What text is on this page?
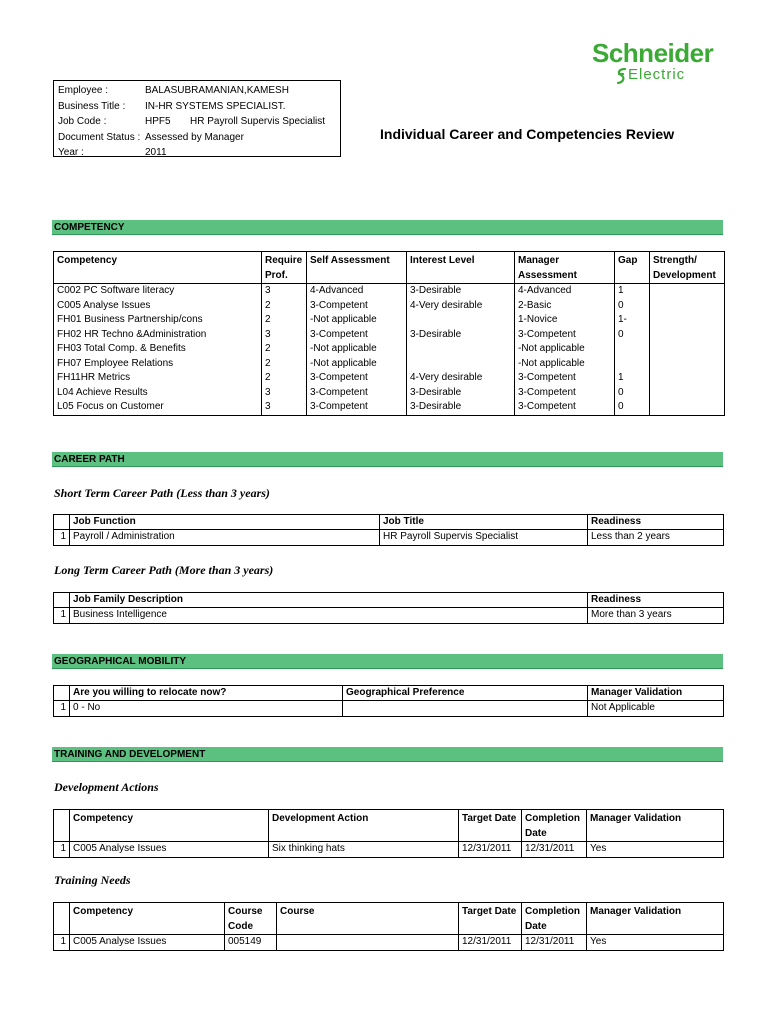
Employee :	BALASUBRAMANIAN,KAMESH
Business Title : IN-HR SYSTEMS SPECIALIST.
Job Code :	HPF5 HR Payroll Supervis Specialist
Document Status : Assessed by Manager
Year :	2011
Schneider
Electric
Individual Career and Competencies Review
COMPETENCY
Competency	Require Prof.	Self Assessment	Interest Level	Manager Assessment	Gap	Strength/ Development
C002 PC Software literacy	3	4-Advanced	3-Desirable	4-Advanced	1	
C005 Analyse Issues	2	3-Competent	4-Very desirable	2-Basic	0	
FH01 Business Partnership/cons	2	-Not applicable		1-Novice	1-	
FH02 HR Techno &Administration	3	3-Competent	3-Desirable	3-Competent	0	
FH03 Total Comp. & Benefits	2	-Not applicable		-Not applicable		
FH07 Employee Relations	2	-Not applicable		-Not applicable		
FH11HR Metrics	2	3-Competent	4-Very desirable	3-Competent	1	
L04 Achieve Results	3	3-Competent	3-Desirable	3-Competent	0	
L05 Focus on Customer	3	3-Competent	3-Desirable	3-Competent	0	
CAREER PATH
Short Term Career Path (Less than 3 years)
	Job Function	Job Title	Readiness
1	Payroll / Administration	HR Payroll Supervis Specialist	Less than 2 years
Long Term Career Path (More than 3 years)
	Job Family Description	Readiness
1	Business Intelligence	More than 3 years
GEOGRAPHICAL MOBILITY
	Are you willing to relocate now?	Geographical Preference	Manager Validation
1	0 - No		Not Applicable
TRAINING AND DEVELOPMENT
Development Actions
	Competency	Development Action	Target Date	Completion Date	Manager Validation
1	C005 Analyse Issues	Six thinking hats	12/31/2011	12/31/2011	Yes
Training Needs
	Competency	Course Code	Course	Target Date	Completion Date	Manager Validation
1	C005 Analyse Issues	005149		12/31/2011	12/31/2011	Yes
